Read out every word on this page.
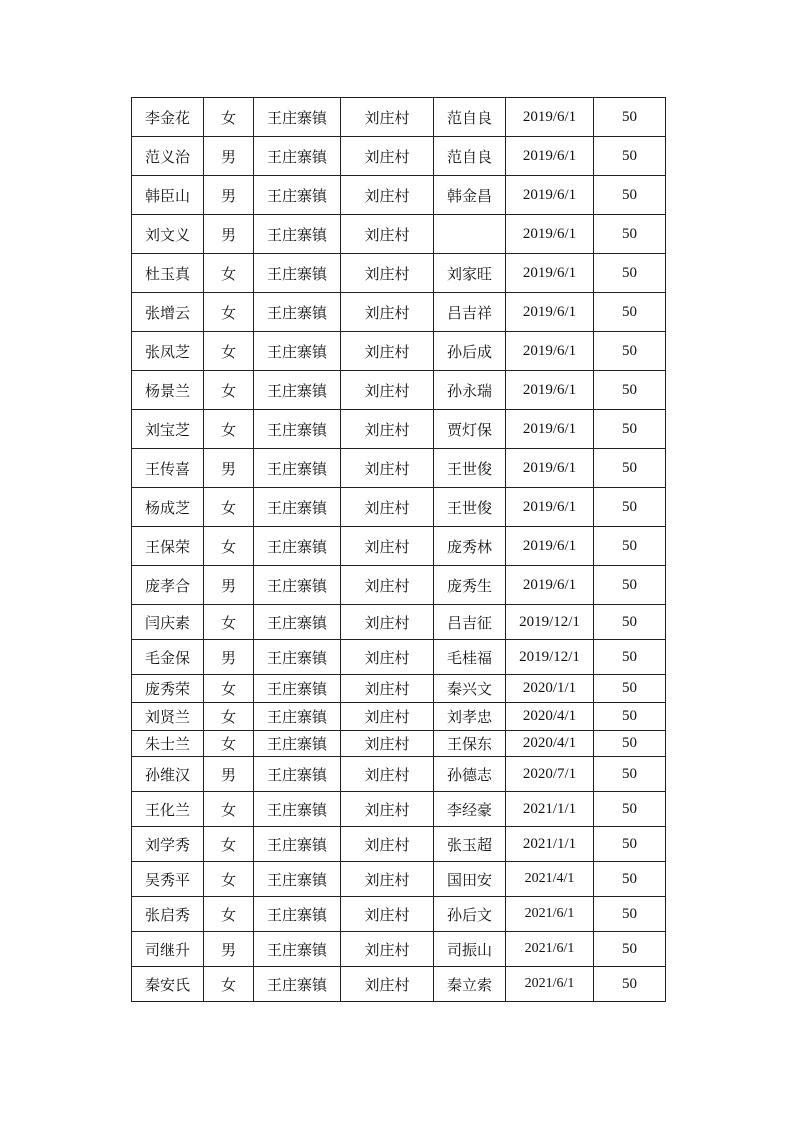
李金花	女	王庄寨镇	刘庄村	范自良	2019/6/1	50
范义治	男	王庄寨镇	刘庄村	范自良	2019/6/1	50
韩臣山	男	王庄寨镇	刘庄村	韩金昌	2019/6/1	50
刘文义	男	王庄寨镇	刘庄村		2019/6/1	50
杜玉真	女	王庄寨镇	刘庄村	刘家旺	2019/6/1	50
张增云	女	王庄寨镇	刘庄村	吕吉祥	2019/6/1	50
张凤芝	女	王庄寨镇	刘庄村	孙后成	2019/6/1	50
杨景兰	女	王庄寨镇	刘庄村	孙永瑞	2019/6/1	50
刘宝芝	女	王庄寨镇	刘庄村	贾灯保	2019/6/1	50
王传喜	男	王庄寨镇	刘庄村	王世俊	2019/6/1	50
杨成芝	女	王庄寨镇	刘庄村	王世俊	2019/6/1	50
王保荣	女	王庄寨镇	刘庄村	庞秀林	2019/6/1	50
庞孝合	男	王庄寨镇	刘庄村	庞秀生	2019/6/1	50
闫庆素	女	王庄寨镇	刘庄村	吕吉征	2019/12/1	50
毛金保	男	王庄寨镇	刘庄村	毛桂福	2019/12/1	50
庞秀荣	女	王庄寨镇	刘庄村	秦兴文	2020/1/1	50
刘贤兰	女	王庄寨镇	刘庄村	刘孝忠	2020/4/1	50
朱士兰	女	王庄寨镇	刘庄村	王保东	2020/4/1	50
孙维汉	男	王庄寨镇	刘庄村	孙德志	2020/7/1	50
王化兰	女	王庄寨镇	刘庄村	李经豪	2021/1/1	50
刘学秀	女	王庄寨镇	刘庄村	张玉超	2021/1/1	50
吴秀平	女	王庄寨镇	刘庄村	国田安	2021/4/1	50
张启秀	女	王庄寨镇	刘庄村	孙后文	2021/6/1	50
司继升	男	王庄寨镇	刘庄村	司振山	2021/6/1	50
秦安氏	女	王庄寨镇	刘庄村	秦立索	2021/6/1	50
